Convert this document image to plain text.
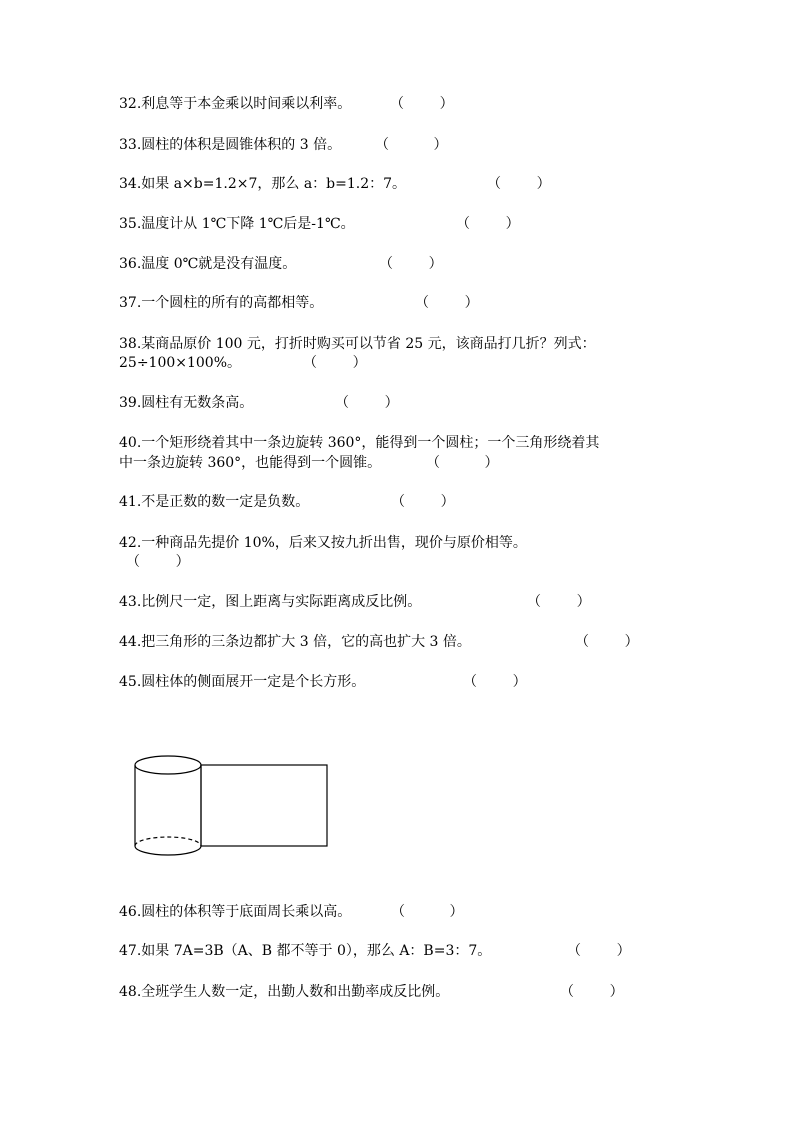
32.利息等于本金乘以时间乘以利率。	（        ）
33.圆柱的体积是圆锥体积的 3 倍。 （          ）
34.如果 a×b=1.2×7，那么 a：b=1.2：7。	（        ）
35.温度计从 1℃下降 1℃后是-1℃。	（        ）
36.温度 0℃就是没有温度。	（        ）
37.一个圆柱的所有的高都相等。	（        ）
38.某商品原价 100 元，打折时购买可以节省 25 元，该商品打几折？列式：
25÷100×100%。	（        ）
39.圆柱有无数条高。	（        ）
40.一个矩形绕着其中一条边旋转 360°，能得到一个圆柱；一个三角形绕着其
中一条边旋转 360°，也能得到一个圆锥。	（          ）
41.不是正数的数一定是负数。	（        ）
42.一种商品先提价 10%，后来又按九折出售，现价与原价相等。
（        ）
43.比例尺一定，图上距离与实际距离成反比例。	（        ）
44.把三角形的三条边都扩大 3 倍，它的高也扩大 3 倍。	（        ）
45.圆柱体的侧面展开一定是个长方形。	（        ）
46.圆柱的体积等于底面周长乘以高。	（          ）
47.如果 7A=3B（A、B 都不等于 0），那么 A：B=3：7。	（        ）
48.全班学生人数一定，出勤人数和出勤率成反比例。	（        ）
